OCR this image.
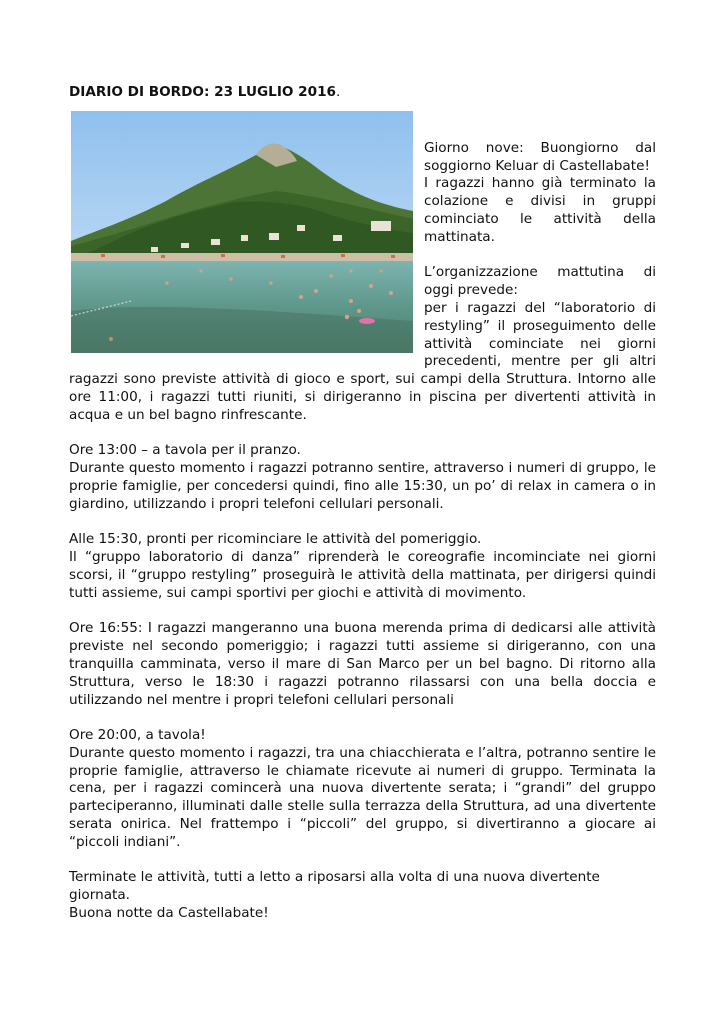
DIARIO DI BORDO: 23 LUGLIO 2016.

Giorno nove: Buongiorno dal soggiorno Keluar di Castellabate!

I ragazzi hanno già terminato la colazione e divisi in gruppi cominciato le attività della mattinata.

L’organizzazione mattutina di oggi prevede:

per i ragazzi del “laboratorio di restyling” il proseguimento delle attività cominciate nei giorni precedenti, mentre per gli altri ragazzi sono previste attività di gioco e sport, sui campi della Struttura. Intorno alle ore 11:00, i ragazzi tutti riuniti, si dirigeranno in piscina per divertenti attività in acqua e un bel bagno rinfrescante.

Ore 13:00 – a tavola per il pranzo.

Durante questo momento i ragazzi potranno sentire, attraverso i numeri di gruppo, le proprie famiglie, per concedersi quindi, fino alle 15:30, un po’ di relax in camera o in giardino, utilizzando i propri telefoni cellulari personali.

Alle 15:30, pronti per ricominciare le attività del pomeriggio.

Il “gruppo laboratorio di danza” riprenderà le coreografie incominciate nei giorni scorsi, il “gruppo restyling” proseguirà le attività della mattinata, per dirigersi quindi tutti assieme, sui campi sportivi per giochi e attività di movimento.

Ore 16:55: I ragazzi mangeranno una buona merenda prima di dedicarsi alle attività previste nel secondo pomeriggio; i ragazzi tutti assieme si dirigeranno, con una tranquilla camminata, verso il mare di San Marco per un bel bagno. Di ritorno alla Struttura, verso le 18:30 i ragazzi potranno rilassarsi con una bella doccia e utilizzando nel mentre i propri telefoni cellulari personali

Ore 20:00, a tavola!

Durante questo momento i ragazzi, tra una chiacchierata e l’altra, potranno sentire le proprie famiglie, attraverso le chiamate ricevute ai numeri di gruppo. Terminata la cena, per i ragazzi comincerà una nuova divertente serata; i “grandi” del gruppo parteciperanno, illuminati dalle stelle sulla terrazza della Struttura, ad una divertente serata onirica. Nel frattempo i “piccoli” del gruppo, si divertiranno a giocare ai “piccoli indiani”.

Terminate le attività, tutti a letto a riposarsi alla volta di una nuova divertente giornata.

Buona notte da Castellabate!
